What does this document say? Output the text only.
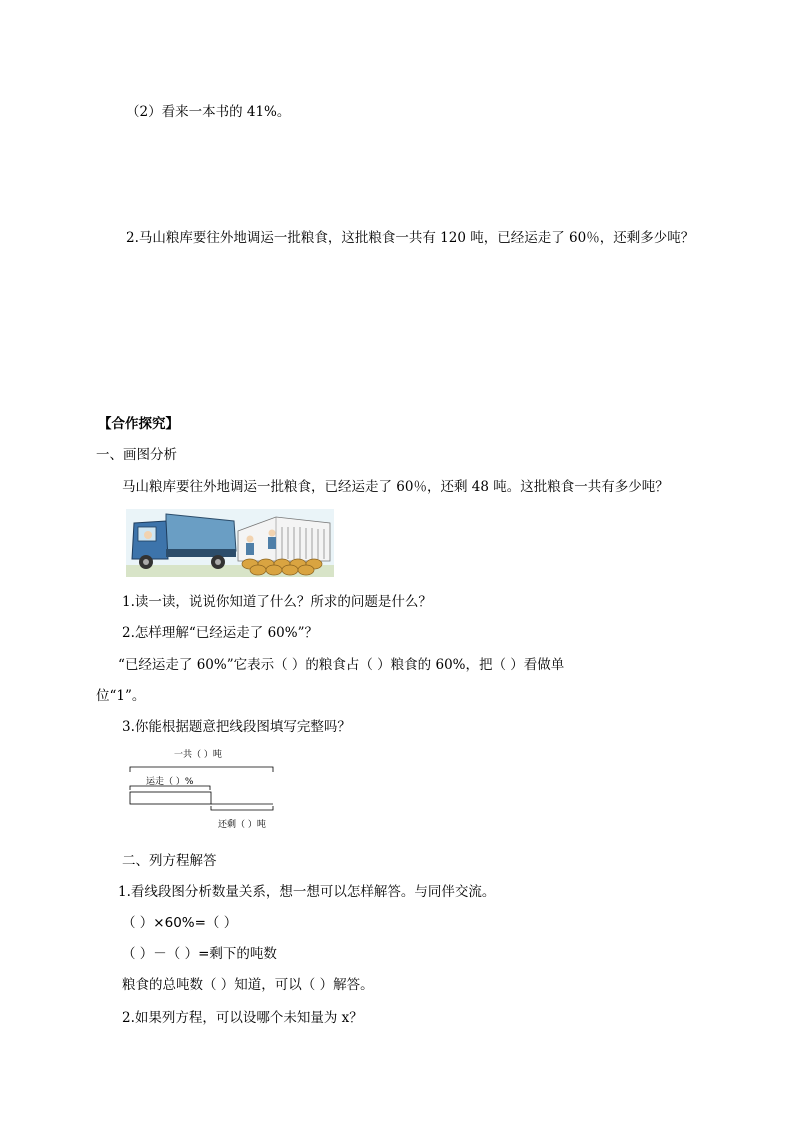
（2）看来一本书的 41%。
2.马山粮库要往外地调运一批粮食，这批粮食一共有 120 吨，已经运走了 60％，还剩多少吨？
【合作探究】
一、画图分析
马山粮库要往外地调运一批粮食，已经运走了 60％，还剩 48 吨。这批粮食一共有多少吨？
1.读一读，说说你知道了什么？所求的问题是什么？
2.怎样理解“已经运走了 60%”？
“已经运走了 60%”它表示（ ）的粮食占（ ）粮食的 60%，把（ ）看做单
位“1”。
3.你能根据题意把线段图填写完整吗？
一共（ ）吨
运走（ ）%
还剩（ ）吨
二、列方程解答
1.看线段图分析数量关系，想一想可以怎样解答。与同伴交流。
（ ）×60%=（ ）
（ ）－（ ）=剩下的吨数
粮食的总吨数（ ）知道，可以（ ）解答。
2.如果列方程，可以设哪个未知量为 x？
